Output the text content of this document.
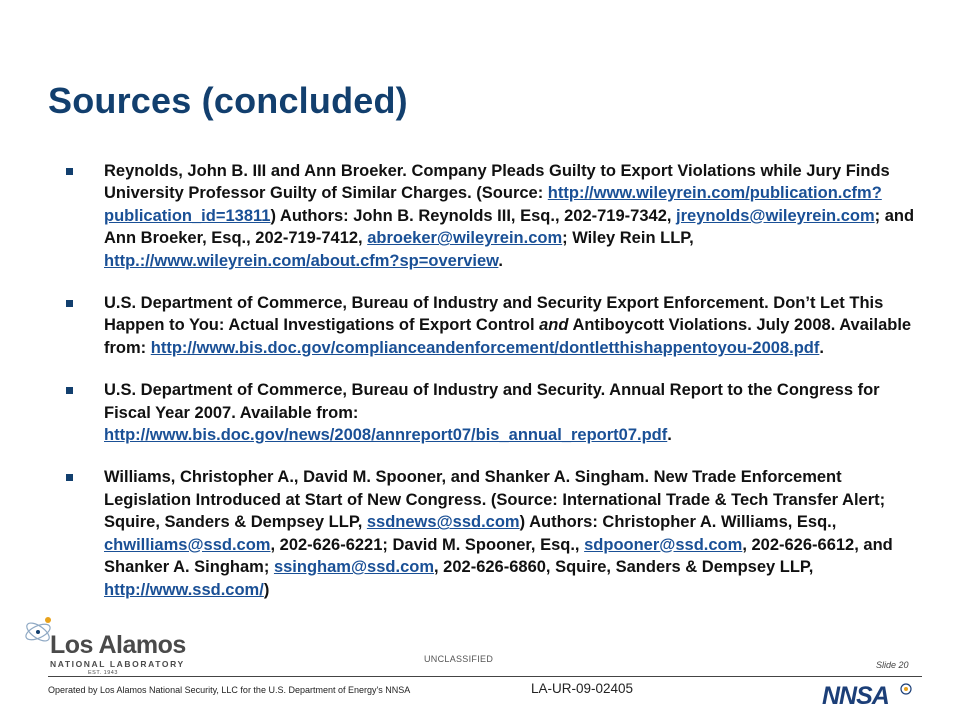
Sources (concluded)
Reynolds, John B. III and Ann Broeker. Company Pleads Guilty to Export Violations while Jury Finds University Professor Guilty of Similar Charges. (Source: http://www.wileyrein.com/publication.cfm?publication_id=13811) Authors: John B. Reynolds III, Esq., 202-719-7342, jreynolds@wileyrein.com; and Ann Broeker, Esq., 202-719-7412, abroeker@wileyrein.com; Wiley Rein LLP, http.://www.wileyrein.com/about.cfm?sp=overview.
U.S. Department of Commerce, Bureau of Industry and Security Export Enforcement. Don’t Let This Happen to You: Actual Investigations of Export Control and Antiboycott Violations. July 2008. Available from: http://www.bis.doc.gov/complianceandenforcement/dontletthishappentoyou-2008.pdf.
U.S. Department of Commerce, Bureau of Industry and Security. Annual Report to the Congress for Fiscal Year 2007. Available from: http://www.bis.doc.gov/news/2008/annreport07/bis_annual_report07.pdf.
Williams, Christopher A., David M. Spooner, and Shanker A. Singham. New Trade Enforcement Legislation Introduced at Start of New Congress. (Source: International Trade & Tech Transfer Alert; Squire, Sanders & Dempsey LLP, ssdnews@ssd.com) Authors: Christopher A. Williams, Esq., chwilliams@ssd.com, 202-626-6221; David M. Spooner, Esq., sdpooner@ssd.com, 202-626-6612, and Shanker A. Singham; ssingham@ssd.com, 202-626-6860, Squire, Sanders & Dempsey LLP, http://www.ssd.com/)
Los Alamos
NATIONAL LABORATORY
EST. 1943
UNCLASSIFIED
Slide 20
Operated by Los Alamos National Security, LLC for the U.S. Department of Energy's NNSA	LA-UR-09-02405	NNSA
